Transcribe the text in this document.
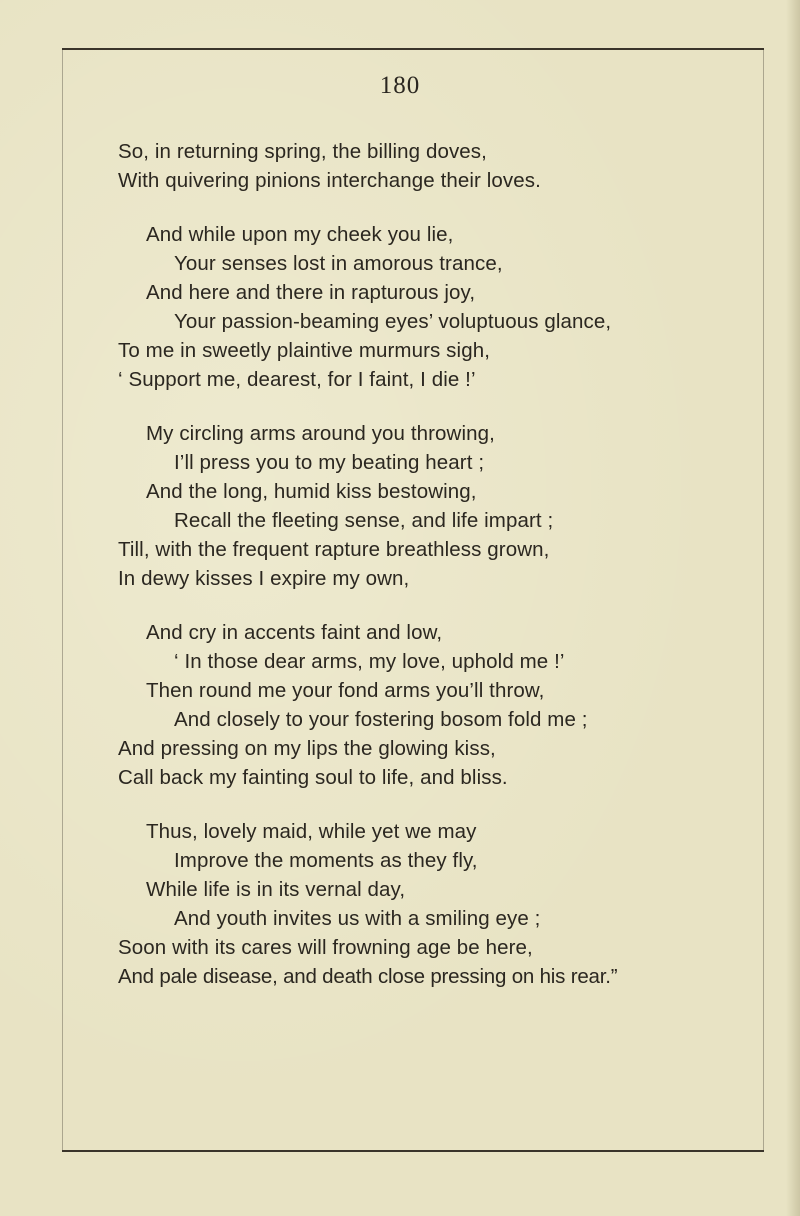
180
So, in returning spring, the billing doves,
With quivering pinions interchange their loves.
And while upon my cheek you lie,
Your senses lost in amorous trance,
And here and there in rapturous joy,
Your passion-beaming eyes’ voluptuous glance,
To me in sweetly plaintive murmurs sigh,
‘ Support me, dearest, for I faint, I die !’
My circling arms around you throwing,
I’ll press you to my beating heart ;
And the long, humid kiss bestowing,
Recall the fleeting sense, and life impart ;
Till, with the frequent rapture breathless grown,
In dewy kisses I expire my own,
And cry in accents faint and low,
‘ In those dear arms, my love, uphold me !’
Then round me your fond arms you’ll throw,
And closely to your fostering bosom fold me ;
And pressing on my lips the glowing kiss,
Call back my fainting soul to life, and bliss.
Thus, lovely maid, while yet we may
Improve the moments as they fly,
While life is in its vernal day,
And youth invites us with a smiling eye ;
Soon with its cares will frowning age be here,
And pale disease, and death close pressing on his rear.”
